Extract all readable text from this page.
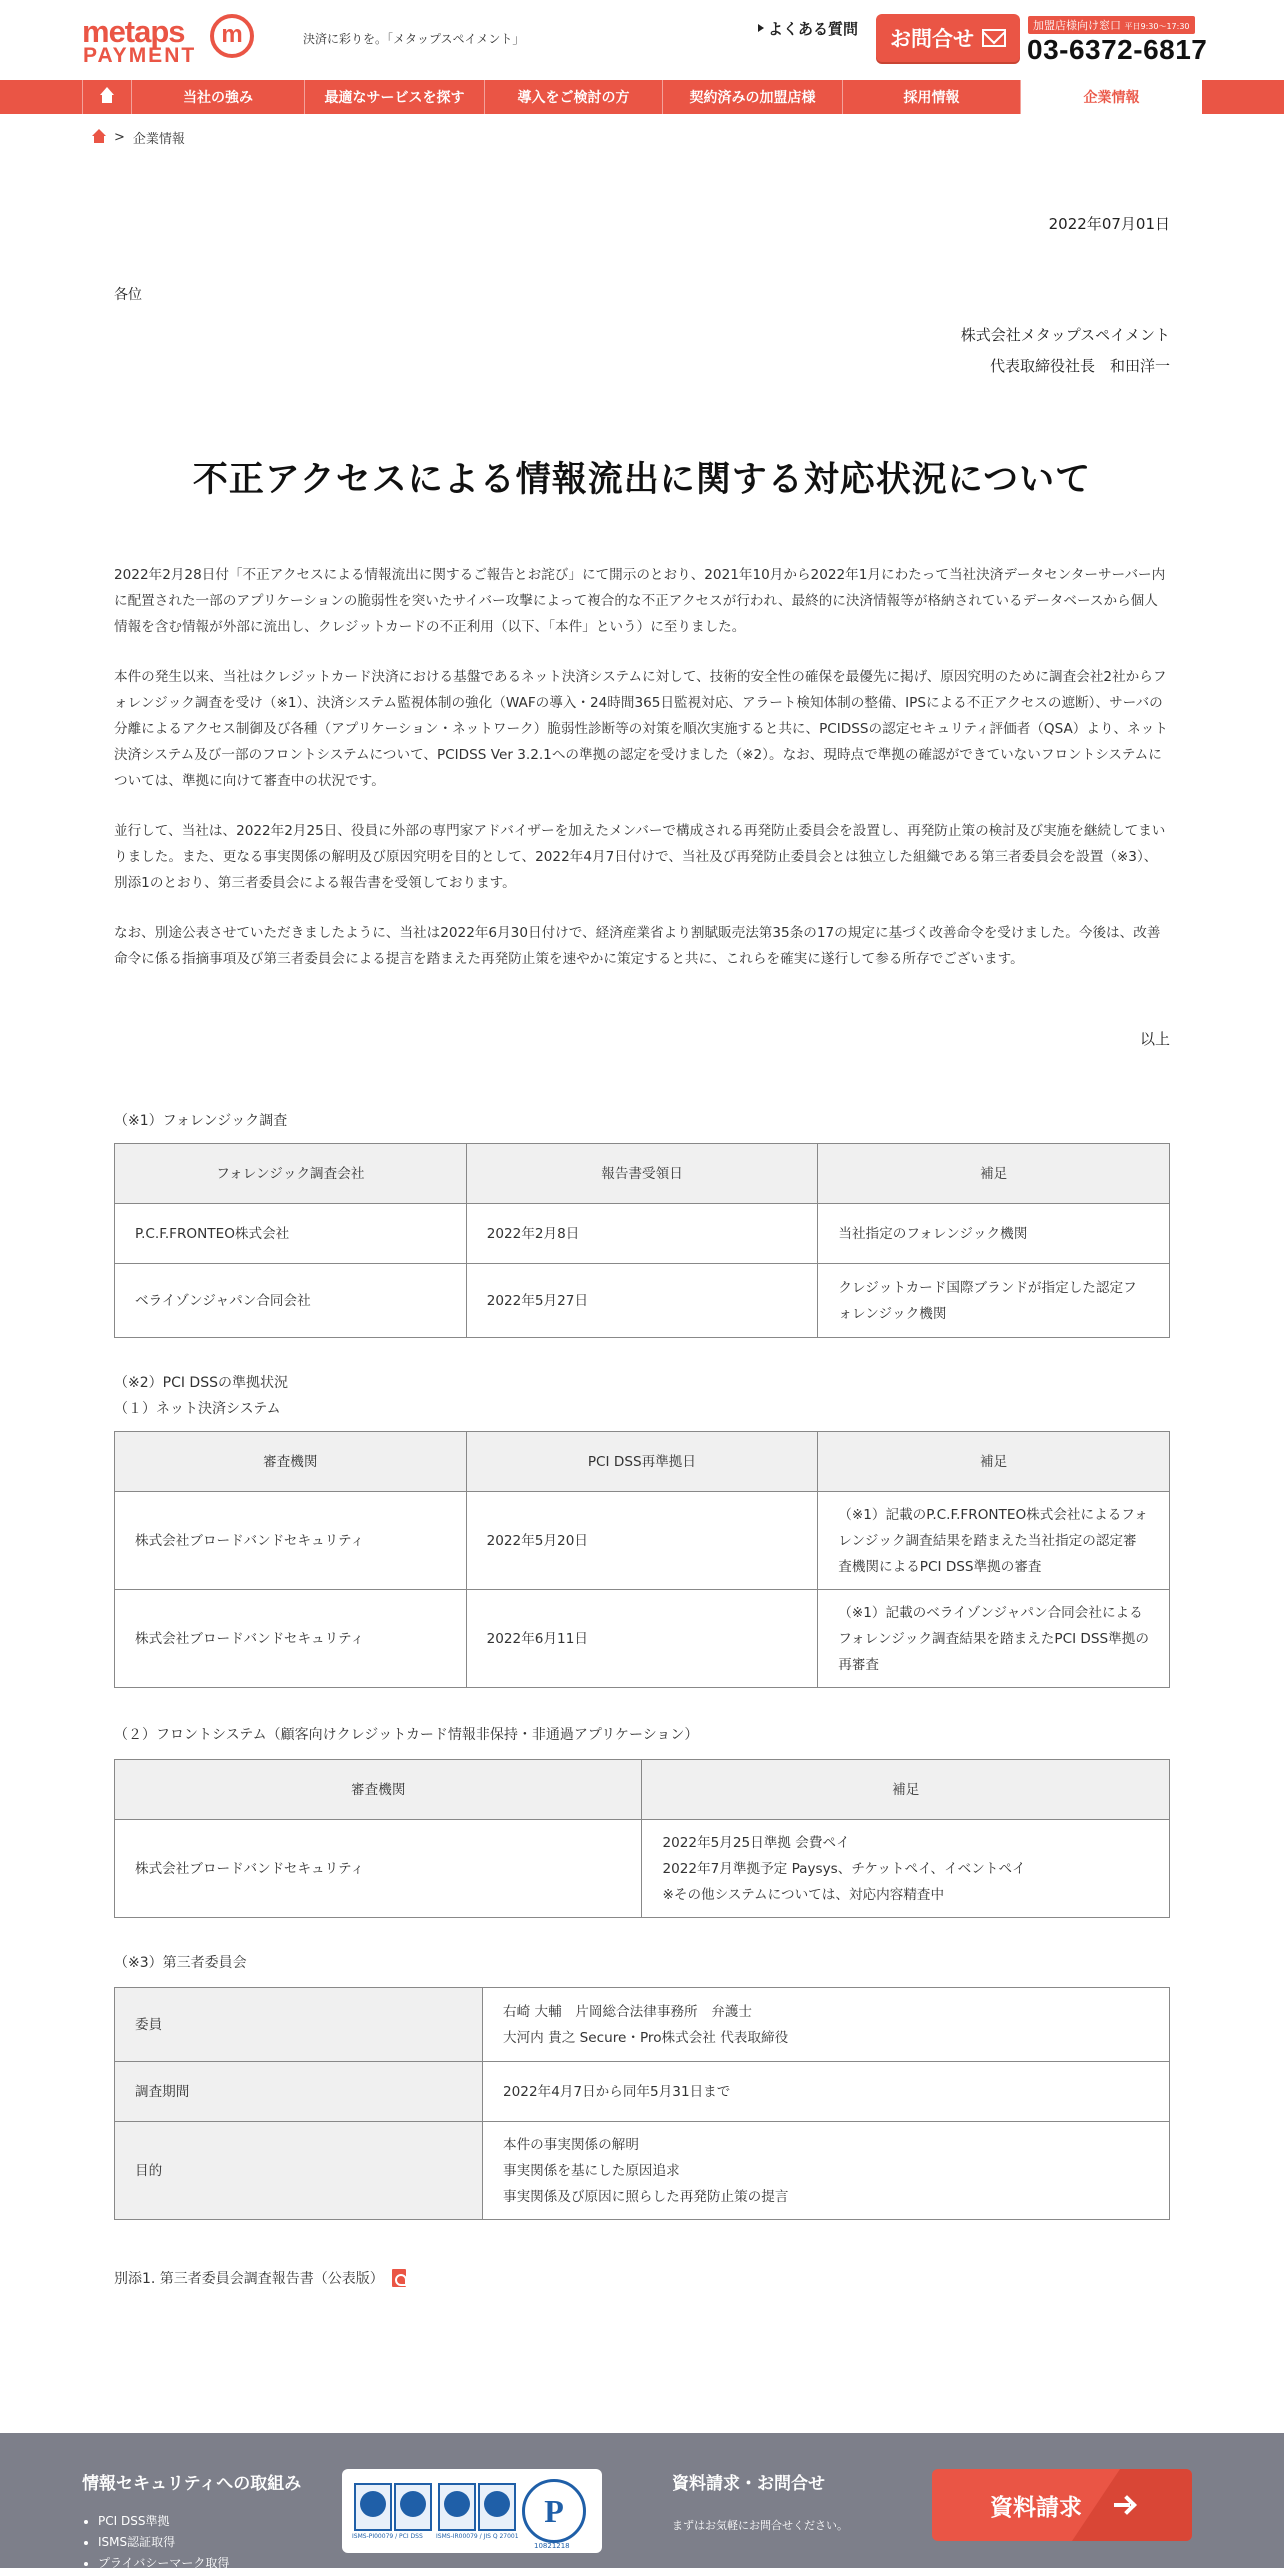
metaps
PAYMENT
m	決済に彩りを。「メタップスペイメント」
よくある質問 お問合せ
加盟店様向け窓口 平日9:30〜17:30
03-6372-6817
当社の強み	最適なサービスを探す	導入をご検討の方	契約済みの加盟店様	採用情報	企業情報
> 企業情報
2022年07月01日
各位
株式会社メタップスペイメント
代表取締役社長　和田洋一
不正アクセスによる情報流出に関する対応状況について
2022年2月28日付「不正アクセスによる情報流出に関するご報告とお詫び」にて開示のとおり、2021年10月から2022年1月にわたって当社決済データセンターサーバー内に配置された一部のアプリケーションの脆弱性を突いたサイバー攻撃によって複合的な不正アクセスが行われ、最終的に決済情報等が格納されているデータベースから個人情報を含む情報が外部に流出し、クレジットカードの不正利用（以下、「本件」という）に至りました。
本件の発生以来、当社はクレジットカード決済における基盤であるネット決済システムに対して、技術的安全性の確保を最優先に掲げ、原因究明のために調査会社2社からフォレンジック調査を受け（※1）、決済システム監視体制の強化（WAFの導入・24時間365日監視対応、アラート検知体制の整備、IPSによる不正アクセスの遮断）、サーバの分離によるアクセス制御及び各種（アプリケーション・ネットワーク）脆弱性診断等の対策を順次実施すると共に、PCIDSSの認定セキュリティ評価者（QSA）より、ネット決済システム及び一部のフロントシステムについて、PCIDSS Ver 3.2.1への準拠の認定を受けました（※2）。なお、現時点で準拠の確認ができていないフロントシステムについては、準拠に向けて審査中の状況です。
並行して、当社は、2022年2月25日、役員に外部の専門家アドバイザーを加えたメンバーで構成される再発防止委員会を設置し、再発防止策の検討及び実施を継続してまいりました。また、更なる事実関係の解明及び原因究明を目的として、2022年4月7日付けで、当社及び再発防止委員会とは独立した組織である第三者委員会を設置（※3）、別添1のとおり、第三者委員会による報告書を受領しております。
なお、別途公表させていただきましたように、当社は2022年6月30日付けで、経済産業省より割賦販売法第35条の17の規定に基づく改善命令を受けました。今後は、改善命令に係る指摘事項及び第三者委員会による提言を踏まえた再発防止策を速やかに策定すると共に、これらを確実に遂行して参る所存でございます。
以上
（※1）フォレンジック調査
フォレンジック調査会社	報告書受領日	補足
P.C.F.FRONTEO株式会社	2022年2月8日	当社指定のフォレンジック機関
ベライゾンジャパン合同会社	2022年5月27日	クレジットカード国際ブランドが指定した認定フォレンジック機関
（※2）PCI DSSの準拠状況
（１）ネット決済システム
審査機関	PCI DSS再準拠日	補足
株式会社ブロードバンドセキュリティ	2022年5月20日	（※1）記載のP.C.F.FRONTEO株式会社によるフォレンジック調査結果を踏まえた当社指定の認定審査機関によるPCI DSS準拠の審査
株式会社ブロードバンドセキュリティ	2022年6月11日	（※1）記載のベライゾンジャパン合同会社によるフォレンジック調査結果を踏まえたPCI DSS準拠の再審査
（２）フロントシステム（顧客向けクレジットカード情報非保持・非通過アプリケーション）
審査機関	補足
株式会社ブロードバンドセキュリティ	2022年5月25日準拠 会費ペイ
2022年7月準拠予定 Paysys、チケットペイ、イベントペイ
※その他システムについては、対応内容精査中
（※3）第三者委員会
委員	右崎 大輔　片岡総合法律事務所　弁護士
大河内 貴之 Secure・Pro株式会社 代表取締役

調査期間	2022年4月7日から同年5月31日まで
目的	本件の事実関係の解明
事実関係を基にした原因追求
事実関係及び原因に照らした再発防止策の提言
別添1. 第三者委員会調査報告書（公表版）
情報セキュリティへの取組み
• PCI DSS準拠
• ISMS認証取得
• プライバシーマーク取得
ISMS-PI00079 / PCI DSS ISMS-IR00079 / JIS Q 27001
P
10821218
資料請求・お問合せ
まずはお気軽にお問合せください。
資料請求
